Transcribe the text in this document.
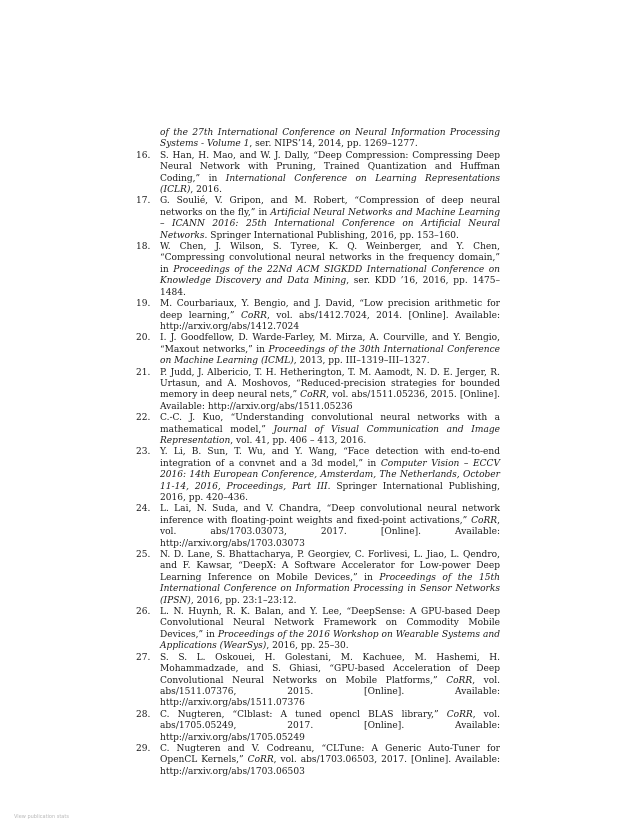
of the 27th International Conference on Neural Information Processing Systems - Volume 1, ser. NIPS’14, 2014, pp. 1269–1277.
16. S. Han, H. Mao, and W. J. Dally, “Deep Compression: Compressing Deep Neural Network with Pruning, Trained Quantization and Huffman Coding,” in International Conference on Learning Representations (ICLR), 2016.
17. G. Soulié, V. Gripon, and M. Robert, “Compression of deep neural networks on the fly,” in Artificial Neural Networks and Machine Learning – ICANN 2016: 25th International Conference on Artificial Neural Networks. Springer International Publishing, 2016, pp. 153–160.
18. W. Chen, J. Wilson, S. Tyree, K. Q. Weinberger, and Y. Chen, “Compressing convolutional neural networks in the frequency domain,” in Proceedings of the 22Nd ACM SIGKDD International Conference on Knowledge Discovery and Data Mining, ser. KDD ’16, 2016, pp. 1475–1484.
19. M. Courbariaux, Y. Bengio, and J. David, “Low precision arithmetic for deep learning,” CoRR, vol. abs/1412.7024, 2014. [Online]. Available: http://arxiv.org/abs/1412.7024
20. I. J. Goodfellow, D. Warde-Farley, M. Mirza, A. Courville, and Y. Bengio, “Maxout networks,” in Proceedings of the 30th International Conference on Machine Learning (ICML), 2013, pp. III–1319–III–1327.
21. P. Judd, J. Albericio, T. H. Hetherington, T. M. Aamodt, N. D. E. Jerger, R. Urtasun, and A. Moshovos, “Reduced-precision strategies for bounded memory in deep neural nets,” CoRR, vol. abs/1511.05236, 2015. [Online]. Available: http://arxiv.org/abs/1511.05236
22. C.-C. J. Kuo, “Understanding convolutional neural networks with a mathematical model,” Journal of Visual Communication and Image Representation, vol. 41, pp. 406 – 413, 2016.
23. Y. Li, B. Sun, T. Wu, and Y. Wang, “Face detection with end-to-end integration of a convnet and a 3d model,” in Computer Vision – ECCV 2016: 14th European Conference, Amsterdam, The Netherlands, October 11-14, 2016, Proceedings, Part III. Springer International Publishing, 2016, pp. 420–436.
24. L. Lai, N. Suda, and V. Chandra, “Deep convolutional neural network inference with floating-point weights and fixed-point activations,” CoRR, vol. abs/1703.03073, 2017. [Online]. Available: http://arxiv.org/abs/1703.03073
25. N. D. Lane, S. Bhattacharya, P. Georgiev, C. Forlivesi, L. Jiao, L. Qendro, and F. Kawsar, “DeepX: A Software Accelerator for Low-power Deep Learning Inference on Mobile Devices,” in Proceedings of the 15th International Conference on Information Processing in Sensor Networks (IPSN), 2016, pp. 23:1–23:12.
26. L. N. Huynh, R. K. Balan, and Y. Lee, “DeepSense: A GPU-based Deep Convolutional Neural Network Framework on Commodity Mobile Devices,” in Proceedings of the 2016 Workshop on Wearable Systems and Applications (WearSys), 2016, pp. 25–30.
27. S. S. L. Oskouei, H. Golestani, M. Kachuee, M. Hashemi, H. Mohammadzade, and S. Ghiasi, “GPU-based Acceleration of Deep Convolutional Neural Networks on Mobile Platforms,” CoRR, vol. abs/1511.07376, 2015. [Online]. Available: http://arxiv.org/abs/1511.07376
28. C. Nugteren, “Clblast: A tuned opencl BLAS library,” CoRR, vol. abs/1705.05249, 2017. [Online]. Available: http://arxiv.org/abs/1705.05249
29. C. Nugteren and V. Codreanu, “CLTune: A Generic Auto-Tuner for OpenCL Kernels,” CoRR, vol. abs/1703.06503, 2017. [Online]. Available: http://arxiv.org/abs/1703.06503
View publication stats
